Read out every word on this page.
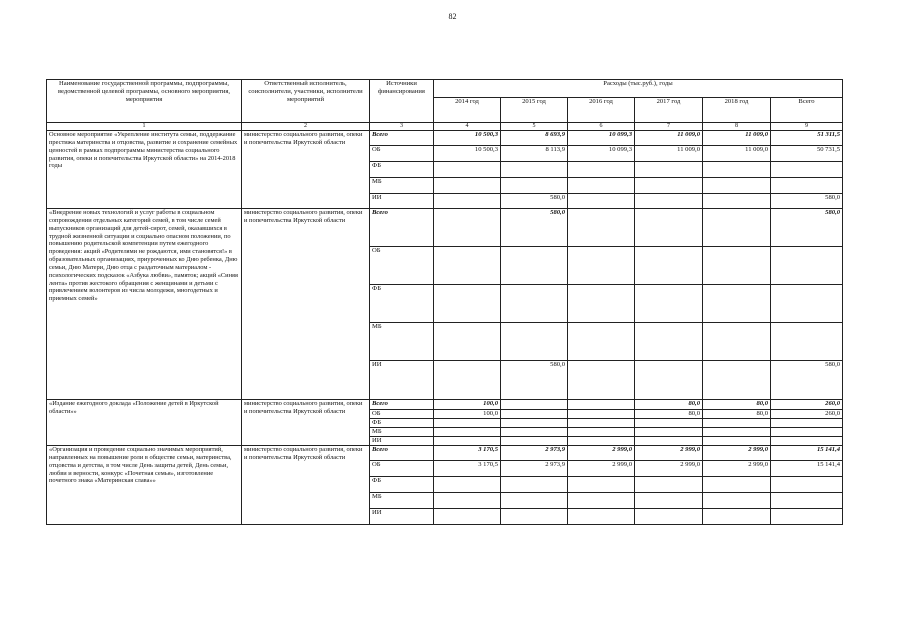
82
Наименование государственной программы, подпрограммы, ведомственной целевой программы, основного мероприятия, мероприятия	Ответственный исполнитель, соисполнители, участники, исполнители мероприятий	Источники финансирования	Расходы (тыс.руб.), годы					
			2014 год	2015 год	2016 год	2017 год	2018 год	Всего
1	2	3	4	5	6	7	8	9
Основное мероприятие «Укрепление института семьи, поддержание престижа материнства и отцовства, развитие и сохранение семейных ценностей в рамках подпрограммы министерства социального развития, опеки и попечительства Иркутской области» на 2014-2018 годы	министерство социального развития, опеки и попечительства Иркутской области	Всего	10 500,3	8 693,9	10 099,3	11 009,0	11 009,0	51 311,5
		ОБ	10 500,3	8 113,9	10 099,3	11 009,0	11 009,0	50 731,5
		ФБ						
		МБ						
		ИИ		580,0				580,0
«Внедрение новых технологий и услуг работы в социальном сопровождении отдельных категорий семей, в том числе семей выпускников организаций для детей-сирот, семей, оказавшихся в трудной жизненной ситуации и социально опасном положении, по повышению родительской компетенции путем ежегодного проведения: акций «Родителями не рождаются, ими становятся!» в образовательных организациях, приуроченных ко Дню ребенка, Дню семьи, Дню Матери, Дню отца с раздаточным материалом - психологических подсказок «Азбука любви», памяток; акций «Синяя лента» против жестокого обращения с женщинами и детьми с привлечением волонтеров из числа молодежи, многодетных и приемных семей»	министерство социального развития, опеки и попечительства Иркутской области	Всего		580,0				580,0
		ОБ						
		ФБ						
		МБ						
		ИИ		580,0				580,0
«Издание ежегодного доклада «Положение детей в Иркутской области»»	министерство социального развития, опеки и попечительства Иркутской области	Всего	100,0			80,0	80,0	260,0
		ОБ	100,0			80,0	80,0	260,0
		ФБ						
		МБ						
		ИИ						
«Организация и проведение социально значимых мероприятий, направленных на повышение роли в обществе семьи, материнства, отцовства и детства, в том числе День защиты детей, День семьи, любви и верности, конкурс «Почетная семья», изготовление почетного знака «Материнская слава»»	министерство социального развития, опеки и попечительства Иркутской области	Всего	3 170,5	2 973,9	2 999,0	2 999,0	2 999,0	15 141,4
		ОБ	3 170,5	2 973,9	2 999,0	2 999,0	2 999,0	15 141,4
		ФБ						
		МБ						
		ИИ						
